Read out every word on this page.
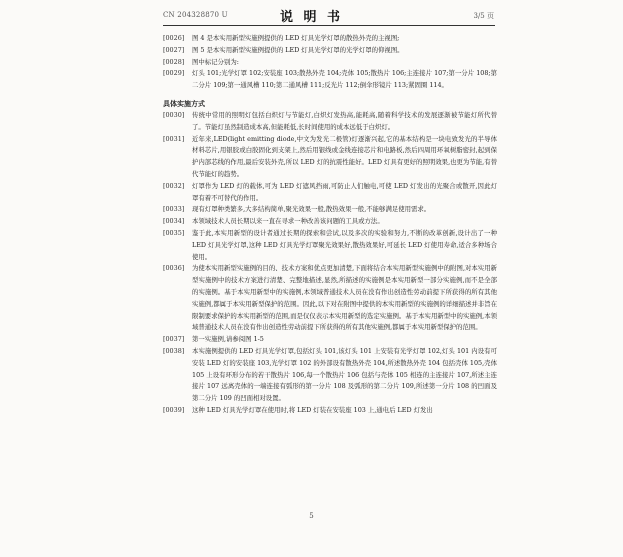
CN 204328870 U	说 明 书	3/5 页
[0026]	图 4 是本实用新型实施例提供的 LED 灯具光学灯罩的散热外壳的主视图;
[0027]	图 5 是本实用新型实施例提供的 LED 灯具光学灯罩的光学灯罩的仰视图。
[0028]	图中标记分别为:
[0029]	灯头 101;光学灯罩 102;安装座 103;散热外壳 104;壳体 105;散热片 106;主连接片 107;第一分片 108;第二分片 109;第一通风槽 110;第二通风槽 111;反光片 112;倒伞形镜片 113;紧固圈 114。
具体实施方式
[0030]	传统中常用的照明灯包括白炽灯与节能灯,白炽灯发热高,能耗高,随着科学技术的发展逐渐被节能灯所代替了。节能灯虽然制造成本高,但能耗低,长时间使用的成本远低于白炽灯。
[0031]	近年来,LED(light emitting diode,中文为发光二极管)灯逐渐兴起,它的基本结构是一块电致发光的半导体材料芯片,用银胶或白胶固化到支架上,然后用银线或金线连接芯片和电路板,然后四周用环氧树脂密封,起到保护内部芯线的作用,最后安装外壳,所以 LED 灯的抗震性能好。LED 灯具有更好的照明效果,也更为节能,有替代节能灯的趋势。
[0032]	灯罩作为 LED 灯的载体,可为 LED 灯遮风挡雨,可防止人们触电,可使 LED 灯发出的光聚合或散开,因此灯罩有着不可替代的作用。
[0033]	现有灯罩种类繁多,大多结构简单,聚光效果一般,散热效果一般,不能够满足使用需求。
[0034]	本领域技术人员长期以来一直在寻求一种改善该问题的工具或方法。
[0035]	鉴于此,本实用新型的设计者通过长期的探索和尝试,以及多次的实验和努力,不断的改革创新,设计出了一种 LED 灯具光学灯罩,这种 LED 灯具光学灯罩聚光效果好,散热效果好,可延长 LED 灯使用寿命,适合多种场合使用。
[0036]	为使本实用新型实施例的目的、技术方案和优点更加清楚,下面将结合本实用新型实施例中的附图,对本实用新型实施例中的技术方案进行清楚、完整地描述,显然,所描述的实施例是本实用新型一部分实施例,而不是全部的实施例。基于本实用新型中的实施例,本领域普通技术人员在没有作出创造性劳动前提下所获得的所有其他实施例,都属于本实用新型保护的范围。因此,以下对在附图中提供的本实用新型的实施例的详细描述并非旨在限制要求保护的本实用新型的范围,而是仅仅表示本实用新型的选定实施例。基于本实用新型中的实施例,本领域普通技术人员在没有作出创造性劳动前提下所获得的所有其他实施例,都属于本实用新型保护的范围。
[0037]	第一实施例,请参阅图 1-5
[0038]	本实施例提供的 LED 灯具光学灯罩,包括灯头 101,该灯头 101 上安装有光学灯罩 102,灯头 101 内设有可安装 LED 灯的安装座 103,光学灯罩 102 的外部设有散热外壳 104,所述散热外壳 104 包括壳体 105,壳体 105 上设有环形分布的若干散热片 106,每一个散热片 106 包括与壳体 105 相连的主连接片 107,所述主连接片 107 远离壳体的一端连接有弧形的第一分片 108 及弧形的第二分片 109,所述第一分片 108 的凹面及第二分片 109 的凹面相对设置。
[0039]	这种 LED 灯具光学灯罩在使用时,将 LED 灯装在安装座 103 上,通电后 LED 灯发出
5
